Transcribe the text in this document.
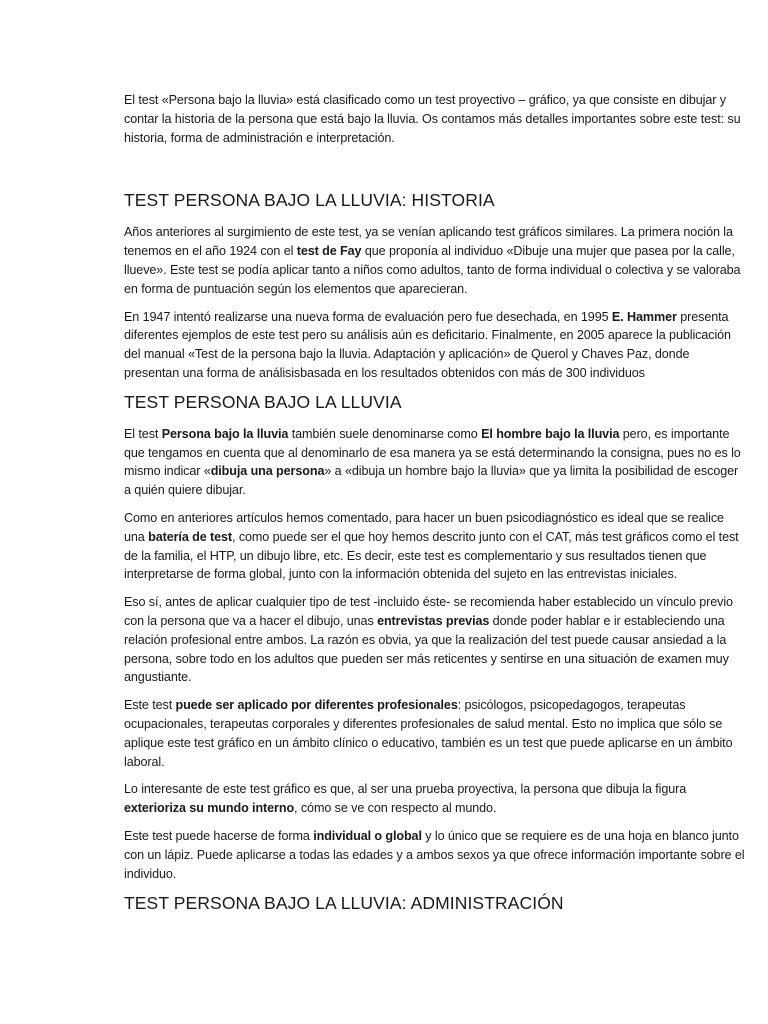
El test «Persona bajo la lluvia» está clasificado como un test proyectivo – gráfico, ya que consiste en dibujar y contar la historia de la persona que está bajo la lluvia. Os contamos más detalles importantes sobre este test: su historia, forma de administración e interpretación.

TEST PERSONA BAJO LA LLUVIA: HISTORIA

Años anteriores al surgimiento de este test, ya se venían aplicando test gráficos similares. La primera noción la tenemos en el año 1924 con el test de Fay que proponía al individuo «Dibuje una mujer que pasea por la calle, llueve». Este test se podía aplicar tanto a niños como adultos, tanto de forma individual o colectiva y se valoraba en forma de puntuación según los elementos que aparecieran.

En 1947 intentó realizarse una nueva forma de evaluación pero fue desechada, en 1995 E. Hammer presenta diferentes ejemplos de este test pero su análisis aún es deficitario. Finalmente, en 2005 aparece la publicación del manual «Test de la persona bajo la lluvia. Adaptación y aplicación» de Querol y Chaves Paz, donde presentan una forma de análisisbasada en los resultados obtenidos con más de 300 individuos

TEST PERSONA BAJO LA LLUVIA

El test Persona bajo la lluvia también suele denominarse como El hombre bajo la lluvia pero, es importante que tengamos en cuenta que al denominarlo de esa manera ya se está determinando la consigna, pues no es lo mismo indicar «dibuja una persona» a «dibuja un hombre bajo la lluvia» que ya limita la posibilidad de escoger a quién quiere dibujar.

Como en anteriores artículos hemos comentado, para hacer un buen psicodiagnóstico es ideal que se realice una batería de test, como puede ser el que hoy hemos descrito junto con el CAT, más test gráficos como el test de la familia, el HTP, un dibujo libre, etc. Es decir, este test es complementario y sus resultados tienen que interpretarse de forma global, junto con la información obtenida del sujeto en las entrevistas iniciales.

Eso sí, antes de aplicar cualquier tipo de test -incluido éste- se recomienda haber establecido un vínculo previo con la persona que va a hacer el dibujo, unas entrevistas previas donde poder hablar e ir estableciendo una relación profesional entre ambos. La razón es obvia, ya que la realización del test puede causar ansiedad a la persona, sobre todo en los adultos que pueden ser más reticentes y sentirse en una situación de examen muy angustiante.

Este test puede ser aplicado por diferentes profesionales: psicólogos, psicopedagogos, terapeutas ocupacionales, terapeutas corporales y diferentes profesionales de salud mental. Esto no implica que sólo se aplique este test gráfico en un ámbito clínico o educativo, también es un test que puede aplicarse en un ámbito laboral.

Lo interesante de este test gráfico es que, al ser una prueba proyectiva, la persona que dibuja la figura exterioriza su mundo interno, cómo se ve con respecto al mundo.

Este test puede hacerse de forma individual o global y lo único que se requiere es de una hoja en blanco junto con un lápiz. Puede aplicarse a todas las edades y a ambos sexos ya que ofrece información importante sobre el individuo.

TEST PERSONA BAJO LA LLUVIA: ADMINISTRACIÓN
